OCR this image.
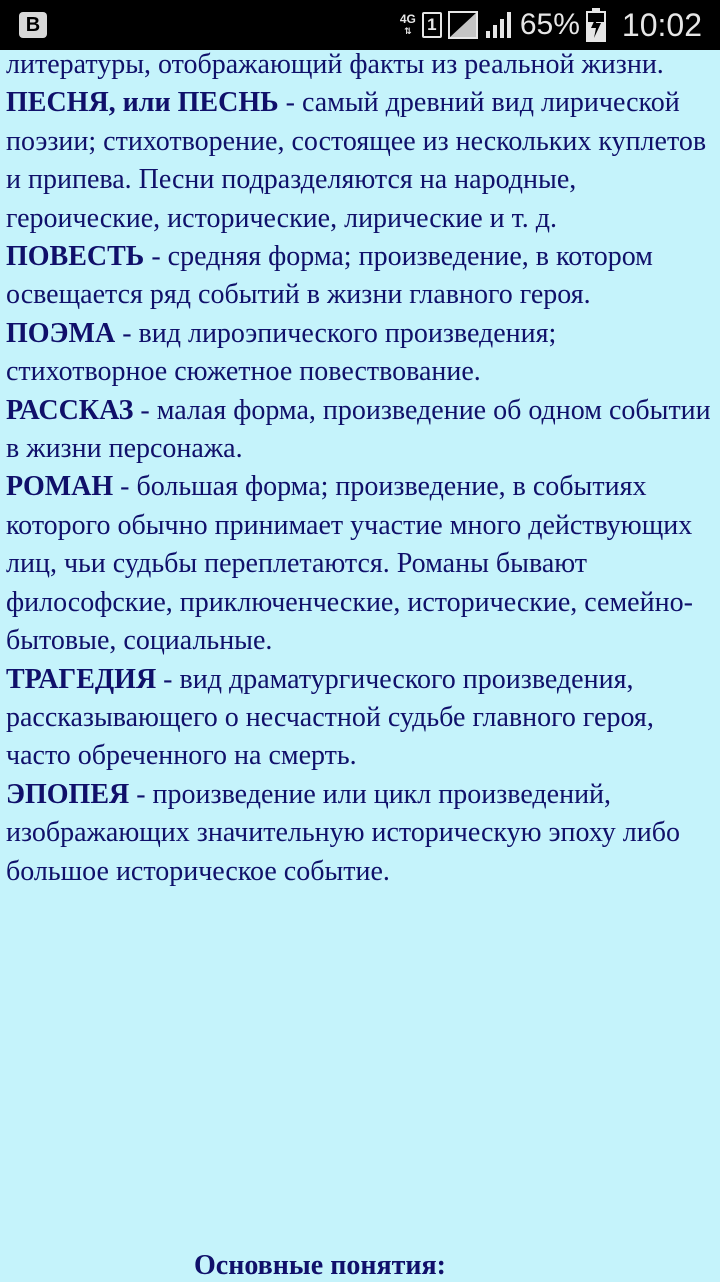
B	4G
⇅ 1	65% 10:02

литературы, отображающий факты из реальной жизни.

ПЕСНЯ, или ПЕСНЬ - самый древний вид лирической поэзии; стихотворение, состоящее из нескольких куплетов и припева. Песни подразделяются на народные, героические, исторические, лирические и т. д.

ПОВЕСТЬ - средняя форма; произведение, в котором освещается ряд событий в жизни главного героя.

ПОЭМА - вид лироэпического произведения; стихотворное сюжетное повествование.

РАССКАЗ - малая форма, произведение об одном событии в жизни персонажа.

РОМАН - большая форма; произведение, в событиях которого обычно принимает участие много действующих лиц, чьи судьбы переплетаются. Романы бывают философские, приключенческие, исторические, семейно-бытовые, социальные.

ТРАГЕДИЯ - вид драматургического произведения, рассказывающего о несчастной судьбе главного героя, часто обреченного на смерть.

ЭПОПЕЯ - произведение или цикл произведений, изображающих значительную историческую эпоху либо большое историческое событие.

Основные понятия:
